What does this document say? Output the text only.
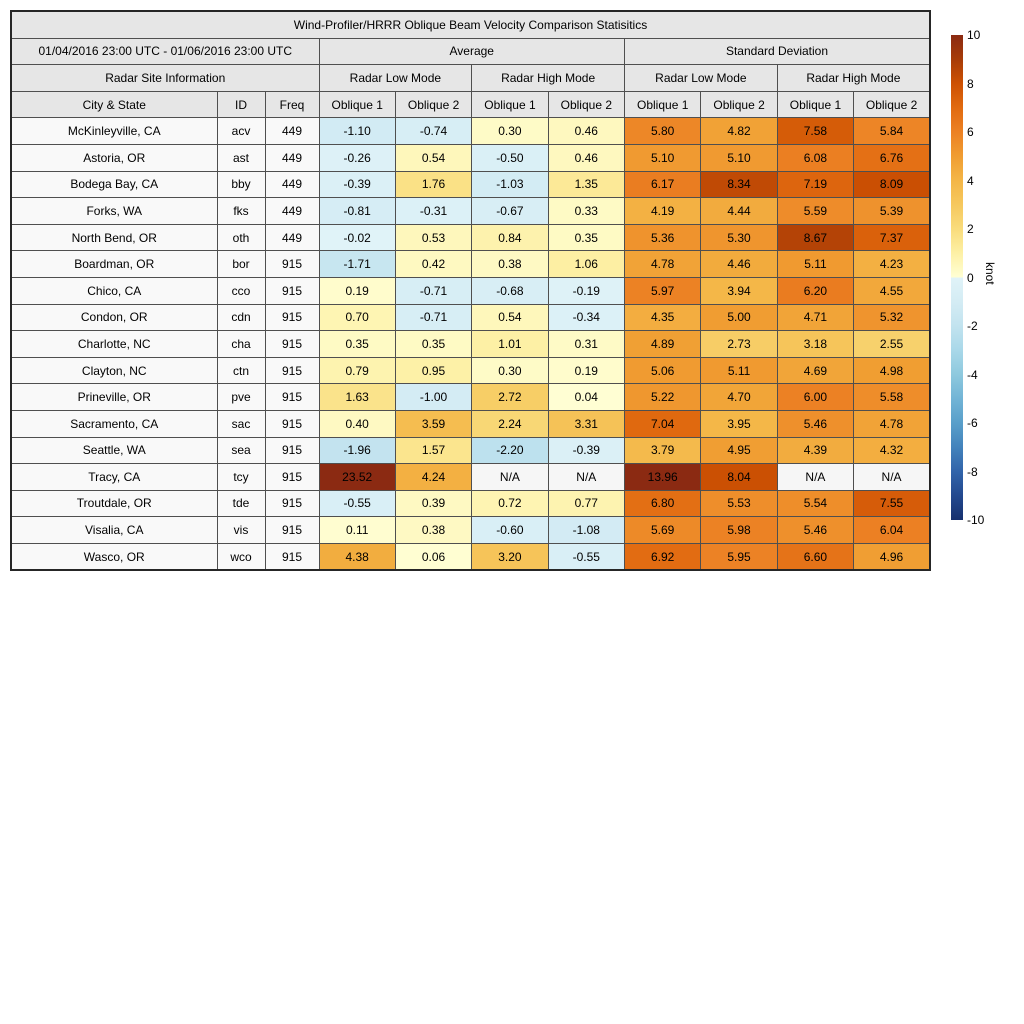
Wind-Profiler/HRRR Oblique Beam Velocity Comparison Statisitics										
01/04/2016 23:00 UTC - 01/06/2016 23:00 UTC			Average				Standard Deviation			
Radar Site Information			Radar Low Mode		Radar High Mode		Radar Low Mode		Radar High Mode	
City & State	ID	Freq	Oblique 1	Oblique 2	Oblique 1	Oblique 2	Oblique 1	Oblique 2	Oblique 1	Oblique 2
McKinleyville, CA	acv	449	-1.10	-0.74	0.30	0.46	5.80	4.82	7.58	5.84
Astoria, OR	ast	449	-0.26	0.54	-0.50	0.46	5.10	5.10	6.08	6.76
Bodega Bay, CA	bby	449	-0.39	1.76	-1.03	1.35	6.17	8.34	7.19	8.09
Forks, WA	fks	449	-0.81	-0.31	-0.67	0.33	4.19	4.44	5.59	5.39
North Bend, OR	oth	449	-0.02	0.53	0.84	0.35	5.36	5.30	8.67	7.37
Boardman, OR	bor	915	-1.71	0.42	0.38	1.06	4.78	4.46	5.11	4.23
Chico, CA	cco	915	0.19	-0.71	-0.68	-0.19	5.97	3.94	6.20	4.55
Condon, OR	cdn	915	0.70	-0.71	0.54	-0.34	4.35	5.00	4.71	5.32
Charlotte, NC	cha	915	0.35	0.35	1.01	0.31	4.89	2.73	3.18	2.55
Clayton, NC	ctn	915	0.79	0.95	0.30	0.19	5.06	5.11	4.69	4.98
Prineville, OR	pve	915	1.63	-1.00	2.72	0.04	5.22	4.70	6.00	5.58
Sacramento, CA	sac	915	0.40	3.59	2.24	3.31	7.04	3.95	5.46	4.78
Seattle, WA	sea	915	-1.96	1.57	-2.20	-0.39	3.79	4.95	4.39	4.32
Tracy, CA	tcy	915	23.52	4.24	N/A	N/A	13.96	8.04	N/A	N/A
Troutdale, OR	tde	915	-0.55	0.39	0.72	0.77	6.80	5.53	5.54	7.55
Visalia, CA	vis	915	0.11	0.38	-0.60	-1.08	5.69	5.98	5.46	6.04
Wasco, OR	wco	915	4.38	0.06	3.20	-0.55	6.92	5.95	6.60	4.96
10
8
6
4
2
0
-2
-4
-6
-8
-10
knot
